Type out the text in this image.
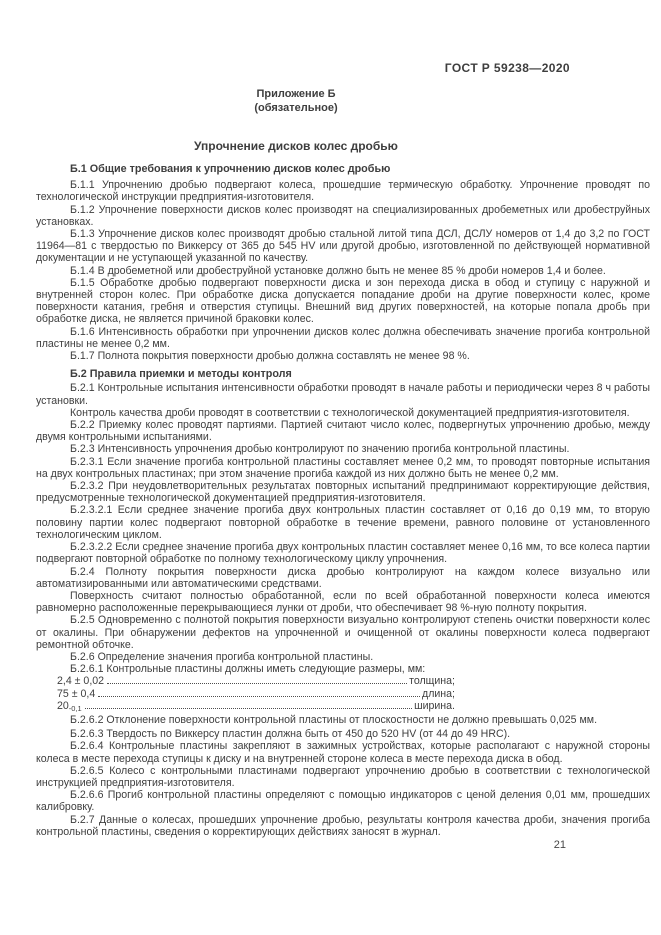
ГОСТ Р 59238—2020
Приложение Б
(обязательное)
Упрочнение дисков колес дробью
Б.1 Общие требования к упрочнению дисков колес дробью

Б.1.1 Упрочнению дробью подвергают колеса, прошедшие термическую обработку. Упрочнение проводят по технологической инструкции предприятия-изготовителя.

Б.1.2 Упрочнение поверхности дисков колес производят на специализированных дробеметных или дробеструйных установках.

Б.1.3 Упрочнение дисков колес производят дробью стальной литой типа ДСЛ, ДСЛУ номеров от 1,4 до 3,2 по ГОСТ 11964—81 с твердостью по Виккерсу от 365 до 545 HV или другой дробью, изготовленной по действующей нормативной документации и не уступающей указанной по качеству.

Б.1.4 В дробеметной или дробеструйной установке должно быть не менее 85 % дроби номеров 1,4 и более.

Б.1.5 Обработке дробью подвергают поверхности диска и зон перехода диска в обод и ступицу с наружной и внутренней сторон колес. При обработке диска допускается попадание дроби на другие поверхности колес, кроме поверхности катания, гребня и отверстия ступицы. Внешний вид других поверхностей, на которые попала дробь при обработке диска, не является причиной браковки колес.

Б.1.6 Интенсивность обработки при упрочнении дисков колес должна обеспечивать значение прогиба контрольной пластины не менее 0,2 мм.

Б.1.7 Полнота покрытия поверхности дробью должна составлять не менее 98 %.

Б.2 Правила приемки и методы контроля

Б.2.1 Контрольные испытания интенсивности обработки проводят в начале работы и периодически через 8 ч работы установки.

Контроль качества дроби проводят в соответствии с технологической документацией предприятия-изготовителя.

Б.2.2 Приемку колес проводят партиями. Партией считают число колес, подвергнутых упрочнению дробью, между двумя контрольными испытаниями.

Б.2.3 Интенсивность упрочнения дробью контролируют по значению прогиба контрольной пластины.

Б.2.3.1 Если значение прогиба контрольной пластины составляет менее 0,2 мм, то проводят повторные испытания на двух контрольных пластинах; при этом значение прогиба каждой из них должно быть не менее 0,2 мм.

Б.2.3.2 При неудовлетворительных результатах повторных испытаний предпринимают корректирующие действия, предусмотренные технологической документацией предприятия-изготовителя.

Б.2.3.2.1 Если среднее значение прогиба двух контрольных пластин составляет от 0,16 до 0,19 мм, то вторую половину партии колес подвергают повторной обработке в течение времени, равного половине от установленного технологическим циклом.

Б.2.3.2.2 Если среднее значение прогиба двух контрольных пластин составляет менее 0,16 мм, то все колеса партии подвергают повторной обработке по полному технологическому циклу упрочнения.

Б.2.4 Полноту покрытия поверхности диска дробью контролируют на каждом колесе визуально или автоматизированными или автоматическими средствами.

Поверхность считают полностью обработанной, если по всей обработанной поверхности колеса имеются равномерно расположенные перекрывающиеся лунки от дроби, что обеспечивает 98 %-ную полноту покрытия.

Б.2.5 Одновременно с полнотой покрытия поверхности визуально контролируют степень очистки поверхности колес от окалины. При обнаружении дефектов на упрочненной и очищенной от окалины поверхности колеса подвергают ремонтной обточке.

Б.2.6 Определение значения прогиба контрольной пластины.

Б.2.6.1 Контрольные пластины должны иметь следующие размеры, мм:

2,4 ± 0,02	толщина;
75 ± 0,4	длина;
$20_{-0,1}$	ширина.

Б.2.6.2 Отклонение поверхности контрольной пластины от плоскостности не должно превышать 0,025 мм.

Б.2.6.3 Твердость по Виккерсу пластин должна быть от 450 до 520 HV (от 44 до 49 HRC).

Б.2.6.4 Контрольные пластины закрепляют в зажимных устройствах, которые располагают с наружной стороны колеса в месте перехода ступицы к диску и на внутренней стороне колеса в месте перехода диска в обод.

Б.2.6.5 Колесо с контрольными пластинами подвергают упрочнению дробью в соответствии с технологической инструкцией предприятия-изготовителя.

Б.2.6.6 Прогиб контрольной пластины определяют с помощью индикаторов с ценой деления 0,01 мм, прошедших калибровку.

Б.2.7 Данные о колесах, прошедших упрочнение дробью, результаты контроля качества дроби, значения прогиба контрольной пластины, сведения о корректирующих действиях заносят в журнал.

21
